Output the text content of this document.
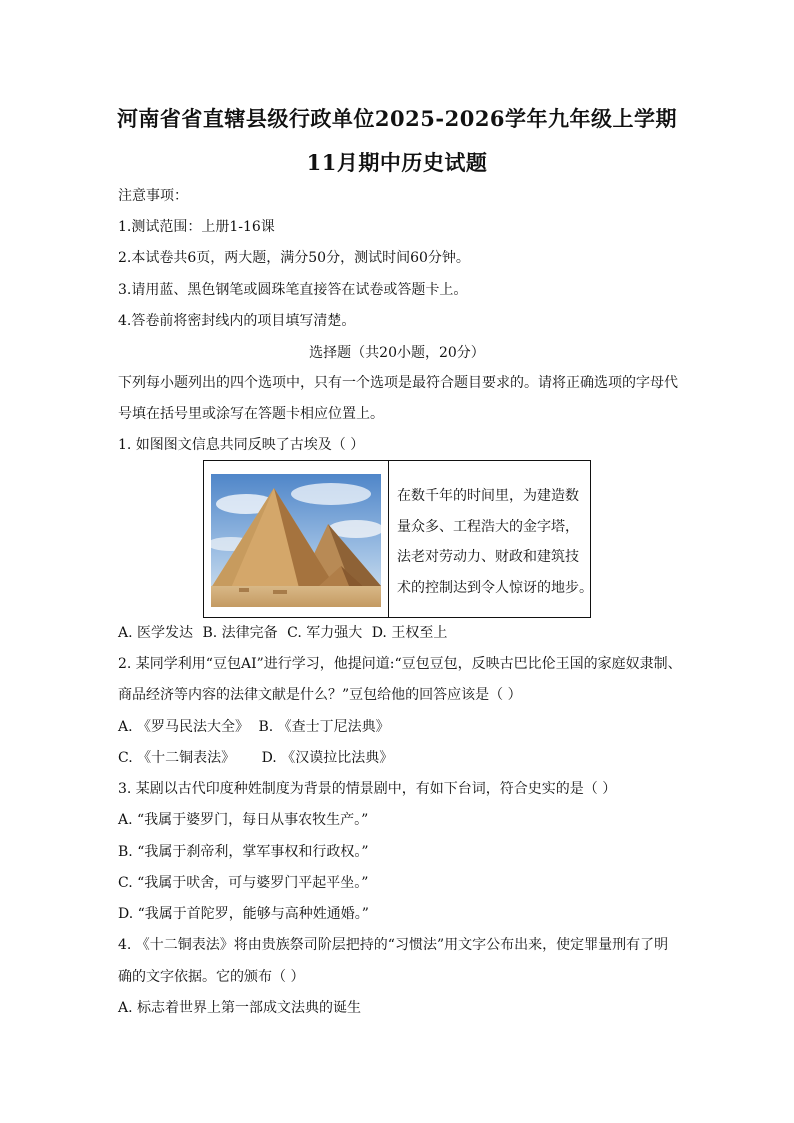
河南省省直辖县级行政单位2025-2026学年九年级上学期
11月期中历史试题
注意事项：
1.测试范围：上册1-16课
2.本试卷共6页，两大题，满分50分，测试时间60分钟。
3.请用蓝、黑色钢笔或圆珠笔直接答在试卷或答题卡上。
4.答卷前将密封线内的项目填写清楚。
选择题（共20小题，20分）
下列每小题列出的四个选项中，只有一个选项是最符合题目要求的。请将正确选项的字母代
号填在括号里或涂写在答题卡相应位置上。
1. 如图图文信息共同反映了古埃及（ ）
在数千年的时间里，为建造数
量众多、工程浩大的金字塔，
法老对劳动力、财政和建筑技
术的控制达到令人惊讶的地步。
A. 医学发达 B. 法律完备 C. 军力强大 D. 王权至上
2. 某同学利用“豆包AI”进行学习，他提问道:“豆包豆包，反映古巴比伦王国的家庭奴隶制、
商品经济等内容的法律文献是什么？”豆包给他的回答应该是（ ）
A. 《罗马民法大全》 B. 《查士丁尼法典》
C. 《十二铜表法》 D. 《汉谟拉比法典》
3. 某剧以古代印度种姓制度为背景的情景剧中，有如下台词，符合史实的是（ ）
A. “我属于婆罗门，每日从事农牧生产。”
B. “我属于刹帝利，掌军事权和行政权。”
C. “我属于吠舍，可与婆罗门平起平坐。”
D. “我属于首陀罗，能够与高种姓通婚。”
4. 《十二铜表法》将由贵族祭司阶层把持的“习惯法”用文字公布出来，使定罪量刑有了明
确的文字依据。它的颁布（ ）
A. 标志着世界上第一部成文法典的诞生
